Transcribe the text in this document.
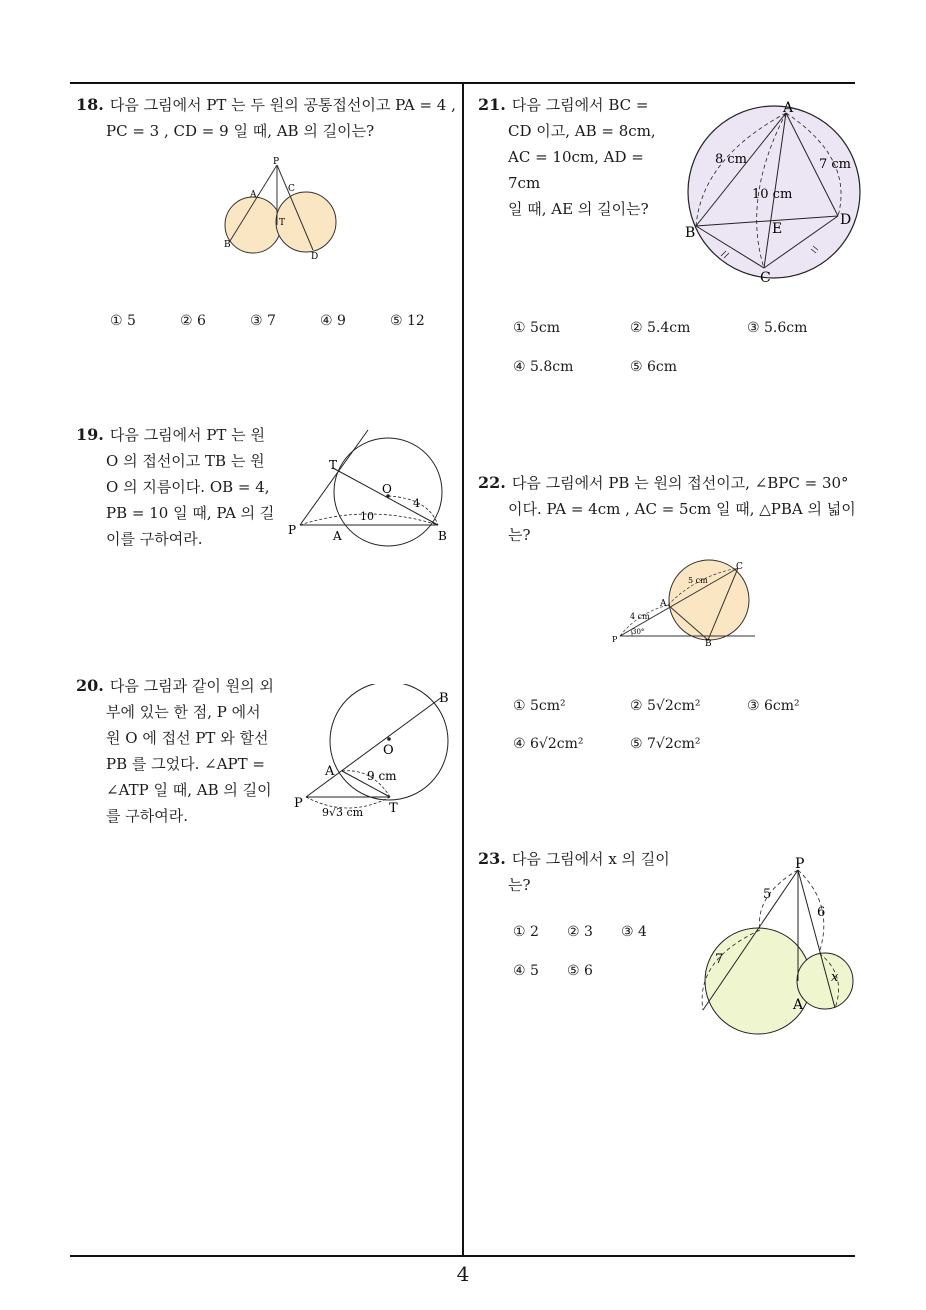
18. 다음 그림에서 PT 는 두 원의 공통접선이고 PA = 4 ,
PC = 3 , CD = 9 일 때, AB 의 길이는?
P
A
C
T
B
D
① 5	② 6	③ 7	④ 9	⑤ 12
19. 다음 그림에서 PT 는 원
O 의 접선이고 TB 는 원
O 의 지름이다. OB = 4,
PB = 10 일 때, PA 의 길
이를 구하여라.
T
O
4
10
P	A	B
20. 다음 그림과 같이 원의 외
부에 있는 한 점, P 에서
원 O 에 접선 PT 와 할선
PB 를 그었다. ∠APT =
∠ATP 일 때, AB 의 길이
를 구하여라.
B
O
A	9 cm
P	T
9√3 cm
21. 다음 그림에서 BC =
CD 이고, AB = 8cm,
AC = 10cm, AD = 7cm
일 때, AE 의 길이는?
A
8 cm	7 cm
10 cm
B	E
D
C
① 5cm	② 5.4cm	③ 5.6cm
④ 5.8cm	⑤ 6cm
22. 다음 그림에서 PB 는 원의 접선이고, ∠BPC = 30°
이다. PA = 4cm , AC = 5cm 일 때, △PBA 의 넓이
는?
C
5 cm
A
4 cm
P
30°
B
① 5cm²	② 5√2cm²	③ 6cm²
④ 6√2cm²	⑤ 7√2cm²
23. 다음 그림에서 x 의 길이
는?
① 2 ② 3 ③ 4
④ 5 ⑤ 6
P
5
6
7
x
A
4
